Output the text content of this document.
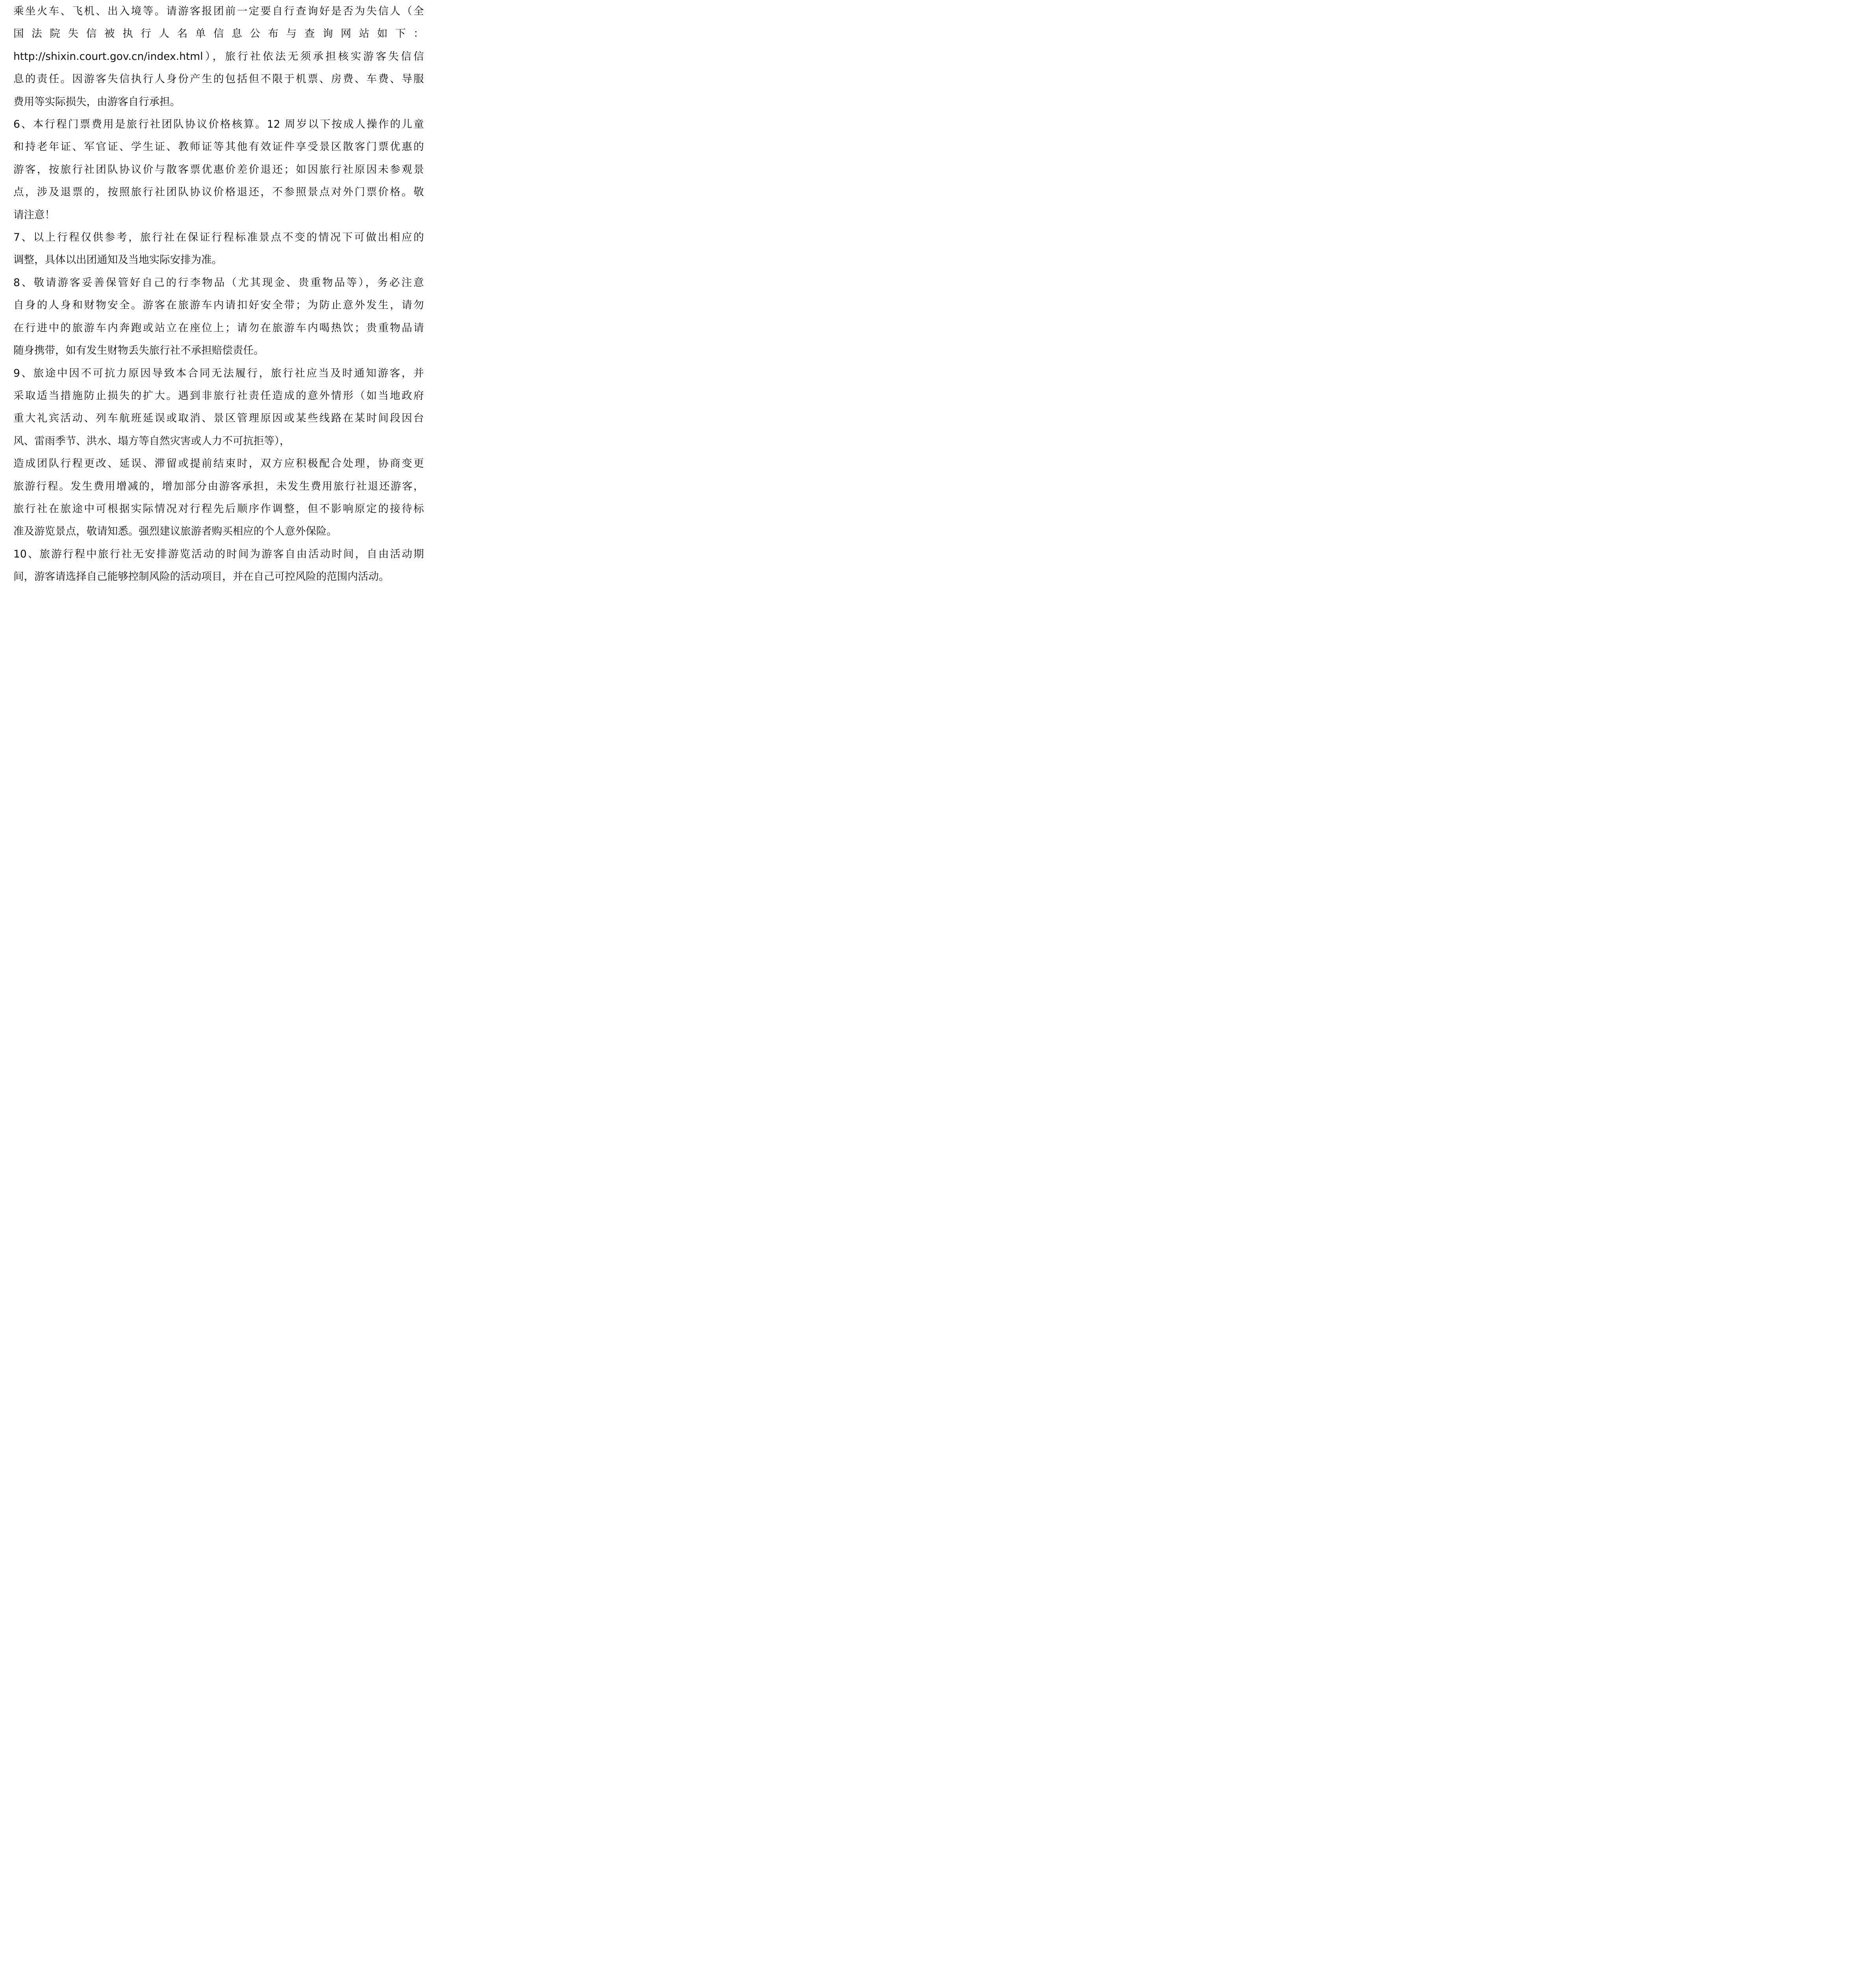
乘坐火车、飞机、出入境等。请游客报团前一定要自行查询好是否为失信人（全
国 法 院 失 信 被 执 行 人 名 单 信 息 公 布 与 查 询 网 站 如 下 ：
http://shixin.court.gov.cn/index.html），旅行社依法无须承担核实游客失信信
息的责任。因游客失信执行人身份产生的包括但不限于机票、房费、车费、导服
费用等实际损失，由游客自行承担。
6、本行程门票费用是旅行社团队协议价格核算。12 周岁以下按成人操作的儿童
和持老年证、军官证、学生证、教师证等其他有效证件享受景区散客门票优惠的
游客，按旅行社团队协议价与散客票优惠价差价退还；如因旅行社原因未参观景
点，涉及退票的，按照旅行社团队协议价格退还，不参照景点对外门票价格。敬
请注意！
7、以上行程仅供参考，旅行社在保证行程标准景点不变的情况下可做出相应的
调整，具体以出团通知及当地实际安排为准。
8、敬请游客妥善保管好自己的行李物品（尤其现金、贵重物品等），务必注意
自身的人身和财物安全。游客在旅游车内请扣好安全带；为防止意外发生，请勿
在行进中的旅游车内奔跑或站立在座位上；请勿在旅游车内喝热饮；贵重物品请
随身携带，如有发生财物丢失旅行社不承担赔偿责任。
9、旅途中因不可抗力原因导致本合同无法履行，旅行社应当及时通知游客，并
采取适当措施防止损失的扩大。遇到非旅行社责任造成的意外情形（如当地政府
重大礼宾活动、列车航班延误或取消、景区管理原因或某些线路在某时间段因台
风、雷雨季节、洪水、塌方等自然灾害或人力不可抗拒等），
造成团队行程更改、延误、滞留或提前结束时，双方应积极配合处理，协商变更
旅游行程。发生费用增减的，增加部分由游客承担，未发生费用旅行社退还游客，
旅行社在旅途中可根据实际情况对行程先后顺序作调整，但不影响原定的接待标
准及游览景点，敬请知悉。强烈建议旅游者购买相应的个人意外保险。
10、旅游行程中旅行社无安排游览活动的时间为游客自由活动时间，自由活动期
间，游客请选择自己能够控制风险的活动项目，并在自己可控风险的范围内活动。
